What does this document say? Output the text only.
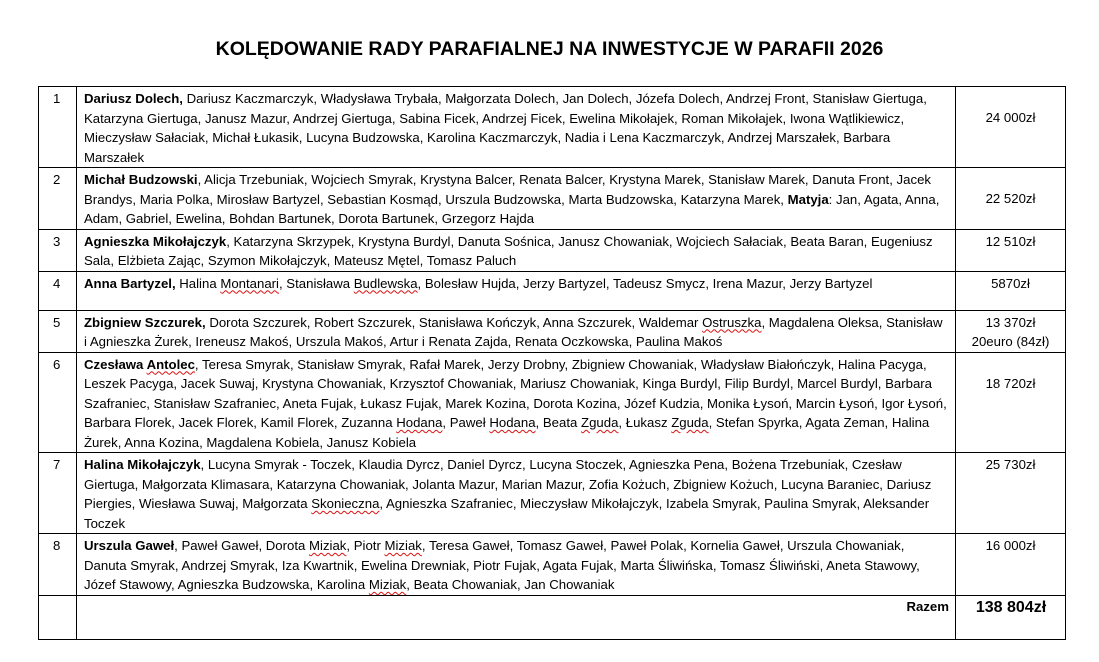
KOLĘDOWANIE RADY PARAFIALNEJ NA INWESTYCJE W PARAFII 2026
1	Dariusz Dolech, Dariusz Kaczmarczyk, Władysława Trybała, Małgorzata Dolech, Jan Dolech, Józefa Dolech, Andrzej Front, Stanisław Giertuga, Katarzyna Giertuga, Janusz Mazur, Andrzej Giertuga, Sabina Ficek, Andrzej Ficek, Ewelina Mikołajek, Roman Mikołajek, Iwona Wątlikiewicz, Mieczysław Sałaciak, Michał Łukasik, Lucyna Budzowska, Karolina Kaczmarczyk, Nadia i Lena Kaczmarczyk, Andrzej Marszałek, Barbara Marszałek	24 000zł

2	Michał Budzowski, Alicja Trzebuniak, Wojciech Smyrak, Krystyna Balcer, Renata Balcer, Krystyna Marek, Stanisław Marek, Danuta Front, Jacek Brandys, Maria Polka, Mirosław Bartyzel, Sebastian Kosmąd, Urszula Budzowska, Marta Budzowska, Katarzyna Marek, Matyja: Jan, Agata, Anna, Adam, Gabriel, Ewelina, Bohdan Bartunek, Dorota Bartunek, Grzegorz Hajda	22 520zł

3	Agnieszka Mikołajczyk, Katarzyna Skrzypek, Krystyna Burdyl, Danuta Sośnica, Janusz Chowaniak, Wojciech Sałaciak, Beata Baran, Eugeniusz Sala, Elżbieta Zając, Szymon Mikołajczyk, Mateusz Mętel, Tomasz Paluch	12 510zł

4	Anna Bartyzel, Halina Montanari, Stanisława Budlewska, Bolesław Hujda, Jerzy Bartyzel, Tadeusz Smycz, Irena Mazur, Jerzy Bartyzel	5870zł

5	Zbigniew Szczurek, Dorota Szczurek, Robert Szczurek, Stanisława Kończyk, Anna Szczurek, Waldemar Ostruszka, Magdalena Oleksa, Stanisław i Agnieszka Żurek, Ireneusz Makoś, Urszula Makoś, Artur i Renata Zajda, Renata Oczkowska, Paulina Makoś	13 370zł
20euro (84zł)

6	Czesława Antolec, Teresa Smyrak, Stanisław Smyrak, Rafał Marek, Jerzy Drobny, Zbigniew Chowaniak, Władysław Białończyk, Halina Pacyga, Leszek Pacyga, Jacek Suwaj, Krystyna Chowaniak, Krzysztof Chowaniak, Mariusz Chowaniak, Kinga Burdyl, Filip Burdyl, Marcel Burdyl, Barbara Szafraniec, Stanisław Szafraniec, Aneta Fujak, Łukasz Fujak, Marek Kozina, Dorota Kozina, Józef Kudzia, Monika Łysoń, Marcin Łysoń, Igor Łysoń, Barbara Florek, Jacek Florek, Kamil Florek, Zuzanna Hodana, Paweł Hodana, Beata Zguda, Łukasz Zguda, Stefan Spyrka, Agata Zeman, Halina Żurek, Anna Kozina, Magdalena Kobiela, Janusz Kobiela	18 720zł

7	Halina Mikołajczyk, Lucyna Smyrak - Toczek, Klaudia Dyrcz, Daniel Dyrcz, Lucyna Stoczek, Agnieszka Pena, Bożena Trzebuniak, Czesław Giertuga, Małgorzata Klimasara, Katarzyna Chowaniak, Jolanta Mazur, Marian Mazur, Zofia Kożuch, Zbigniew Kożuch, Lucyna Baraniec, Dariusz Piergies, Wiesława Suwaj, Małgorzata Skonieczna, Agnieszka Szafraniec, Mieczysław Mikołajczyk, Izabela Smyrak, Paulina Smyrak, Aleksander Toczek	25 730zł

8	Urszula Gaweł, Paweł Gaweł, Dorota Miziak, Piotr Miziak, Teresa Gaweł, Tomasz Gaweł, Paweł Polak, Kornelia Gaweł, Urszula Chowaniak, Danuta Smyrak, Andrzej Smyrak, Iza Kwartnik, Ewelina Drewniak, Piotr Fujak, Agata Fujak, Marta Śliwińska, Tomasz Śliwiński, Aneta Stawowy, Józef Stawowy, Agnieszka Budzowska, Karolina Miziak, Beata Chowaniak, Jan Chowaniak	16 000zł

	Razem	138 804zł
